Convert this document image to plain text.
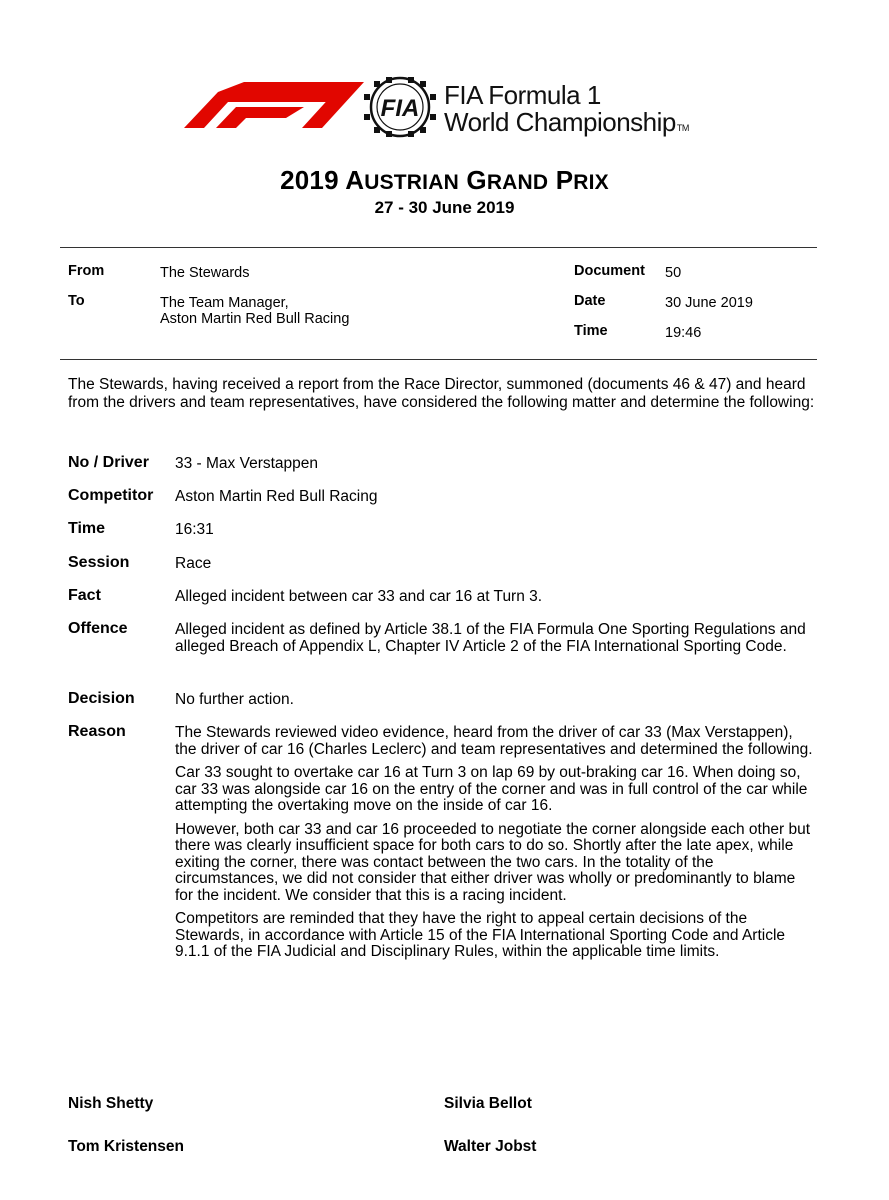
FIA FIA Formula 1
World ChampionshipTM
2019 AUSTRIAN GRAND PRIX
27 - 30 June 2019
From	The Stewards
To	The Team Manager,
Aston Martin Red Bull Racing
Document 50
Date	30 June 2019
Time	19:46
The Stewards, having received a report from the Race Director, summoned (documents 46 & 47) and heard from the drivers and team representatives, have considered the following matter and determine the following:
No / Driver 33 - Max Verstappen
Competitor Aston Martin Red Bull Racing
Time	16:31
Session	Race
Fact	Alleged incident between car 33 and car 16 at Turn 3.
Offence	Alleged incident as defined by Article 38.1 of the FIA Formula One Sporting Regulations and alleged Breach of Appendix L, Chapter IV Article 2 of the FIA International Sporting Code.
Decision	No further action.
Reason	The Stewards reviewed video evidence, heard from the driver of car 33 (Max Verstappen), the driver of car 16 (Charles Leclerc) and team representatives and determined the following.

Car 33 sought to overtake car 16 at Turn 3 on lap 69 by out-braking car 16. When doing so, car 33 was alongside car 16 on the entry of the corner and was in full control of the car while attempting the overtaking move on the inside of car 16.

However, both car 33 and car 16 proceeded to negotiate the corner alongside each other but there was clearly insufficient space for both cars to do so. Shortly after the late apex, while exiting the corner, there was contact between the two cars. In the totality of the circumstances, we did not consider that either driver was wholly or predominantly to blame for the incident. We consider that this is a racing incident.

Competitors are reminded that they have the right to appeal certain decisions of the Stewards, in accordance with Article 15 of the FIA International Sporting Code and Article 9.1.1 of the FIA Judicial and Disciplinary Rules, within the applicable time limits.

Nish Shetty	Silvia Bellot
Tom Kristensen	Walter Jobst
